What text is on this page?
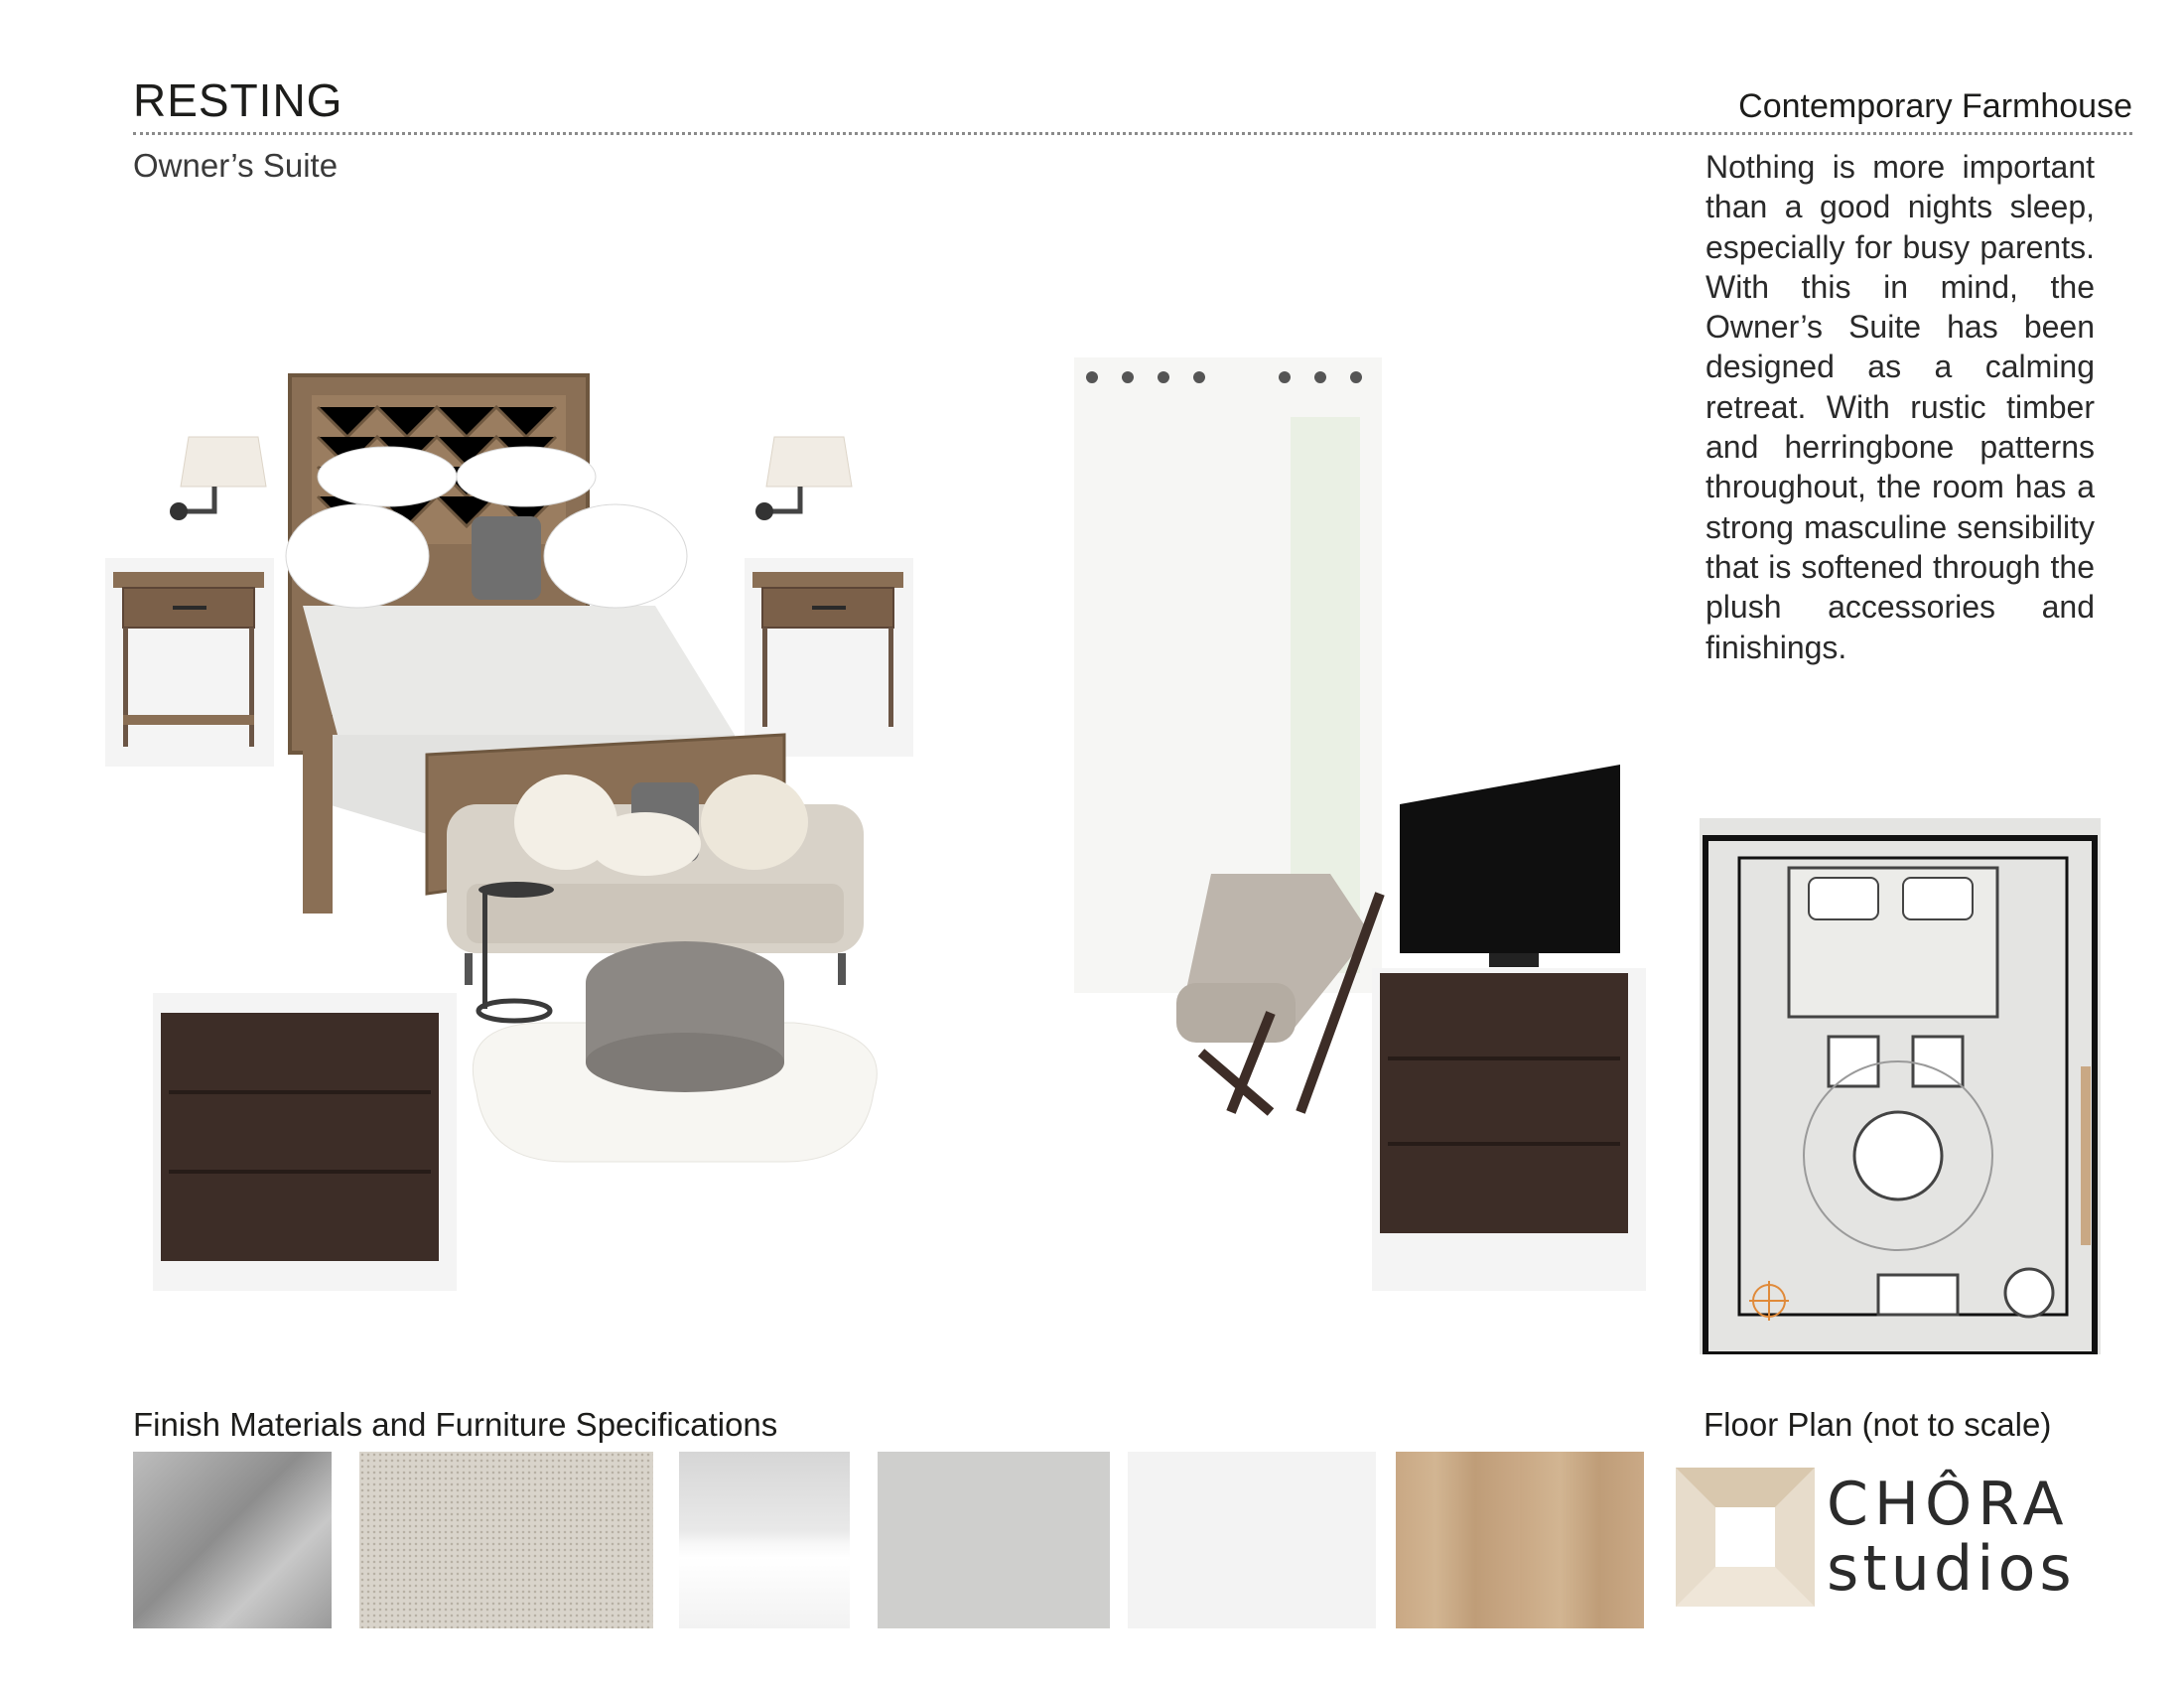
RESTING
Owner’s Suite
Contemporary Farmhouse
Nothing is more important than a good nights sleep, especially for busy parents. With this in mind, the Owner’s Suite has been designed as a calming retreat. With rustic timber and herringbone patterns throughout, the room has a strong masculine sensibility that is softened through the plush accessories and finishings.
Finish Materials and Furniture Specifications	Floor Plan (not to scale)
CHÔRA
studios
